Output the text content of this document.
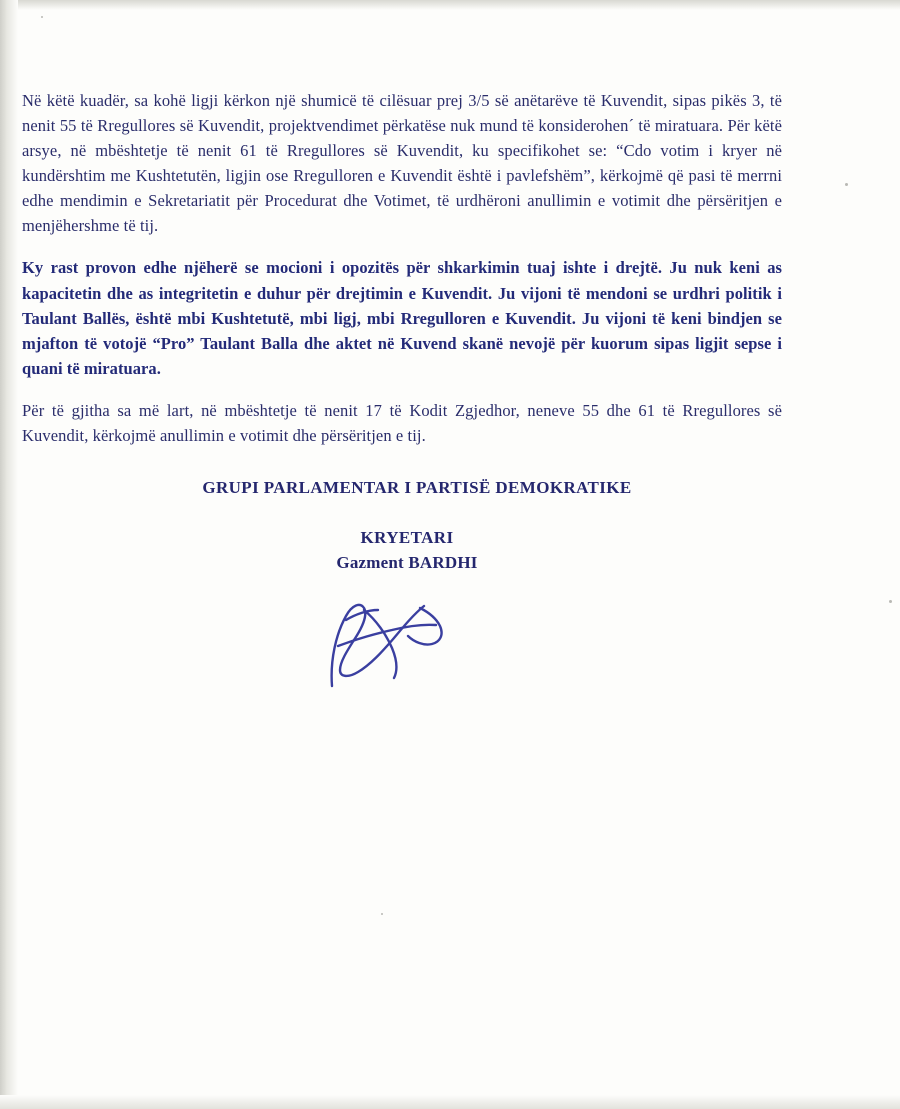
Në këtë kuadër, sa kohë ligji kërkon një shumicë të cilësuar prej 3/5 së anëtarëve të Kuvendit, sipas pikës 3, të nenit 55 të Rregullores së Kuvendit, projektvendimet përkatëse nuk mund të konsiderohen´ të miratuara. Për këtë arsye, në mbështetje të nenit 61 të Rregullores së Kuvendit, ku specifikohet se: “Cdo votim i kryer në kundërshtim me Kushtetutën, ligjin ose Rregulloren e Kuvendit është i pavlefshëm”, kërkojmë që pasi të merrni edhe mendimin e Sekretariatit për Procedurat dhe Votimet, të urdhëroni anullimin e votimit dhe përsëritjen e menjëhershme të tij.

Ky rast provon edhe njëherë se mocioni i opozitës për shkarkimin tuaj ishte i drejtë. Ju nuk keni as kapacitetin dhe as integritetin e duhur për drejtimin e Kuvendit. Ju vijoni të mendoni se urdhri politik i Taulant Ballës, është mbi Kushtetutë, mbi ligj, mbi Rregulloren e Kuvendit. Ju vijoni të keni bindjen se mjafton të votojë “Pro” Taulant Balla dhe aktet në Kuvend skanë nevojë për kuorum sipas ligjit sepse i quani të miratuara.

Për të gjitha sa më lart, në mbështetje të nenit 17 të Kodit Zgjedhor, neneve 55 dhe 61 të Rregullores së Kuvendit, kërkojmë anullimin e votimit dhe përsëritjen e tij.

GRUPI PARLAMENTAR I PARTISË DEMOKRATIKE
KRYETARI
Gazment BARDHI
